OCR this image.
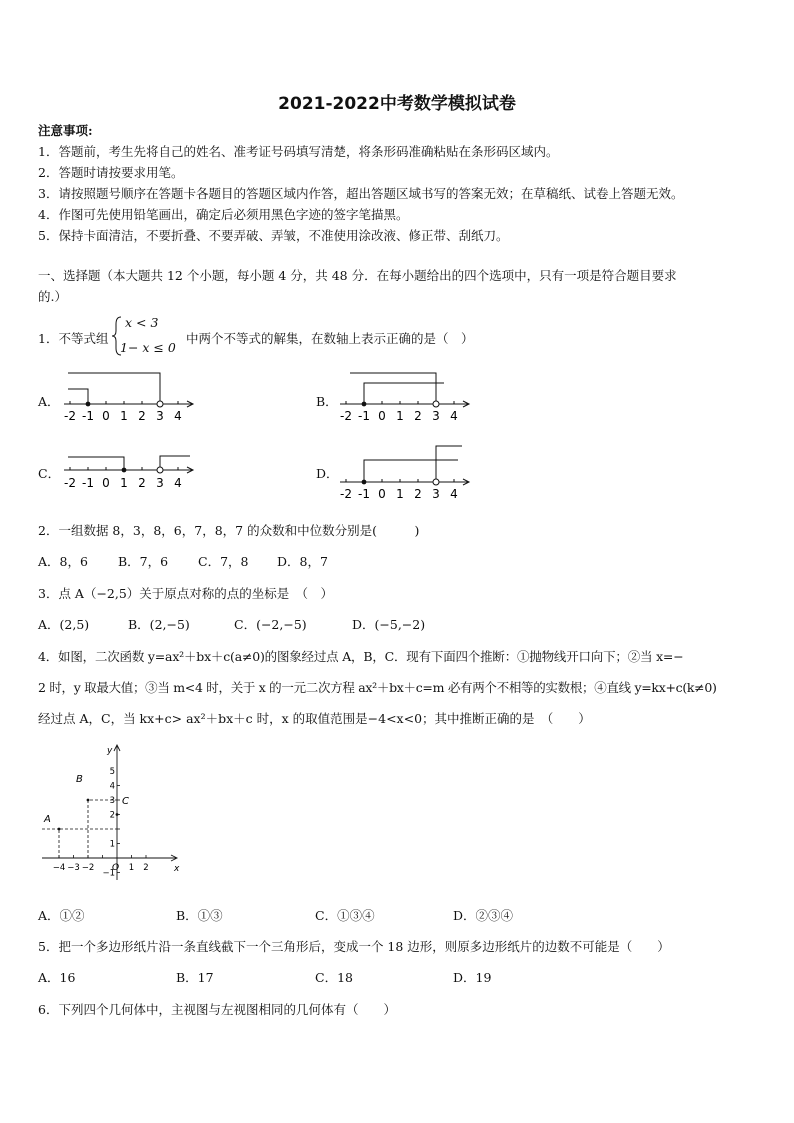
2021-2022中考数学模拟试卷
注意事项:
1．答题前，考生先将自己的姓名、准考证号码填写清楚，将条形码准确粘贴在条形码区域内。
2．答题时请按要求用笔。
3．请按照题号顺序在答题卡各题目的答题区域内作答，超出答题区域书写的答案无效；在草稿纸、试卷上答题无效。
4．作图可先使用铅笔画出，确定后必须用黑色字迹的签字笔描黑。
5．保持卡面清洁，不要折叠、不要弄破、弄皱，不准使用涂改液、修正带、刮纸刀。
一、选择题（本大题共 12 个小题，每小题 4 分，共 48 分．在每小题给出的四个选项中，只有一项是符合题目要求
的.）
1．不等式组
x < 3
1− x ≤ 0
中两个不等式的解集，在数轴上表示正确的是（　）
A．
-2 -1 0 1 2 3 4
B．
-2 -1 0 1 2 3 4
C．
-2 -1 0 1 2 3 4
D．
-2 -1 0 1 2 3 4
2．一组数据 8，3，8，6，7，8，7 的众数和中位数分别是(　　　)
A．8，6 B．7，6 C．7，8 D．8，7
3．点 A（−2,5）关于原点对称的点的坐标是　（　）
A．(2,5)	B．(2,−5)	C．(−2,−5)	D．(−5,−2)
4．如图，二次函数 y=ax²＋bx＋c(a≠0)的图象经过点 A，B，C．现有下面四个推断：①抛物线开口向下；②当 x=−
2 时，y 取最大值；③当 m<4 时，关于 x 的一元二次方程 ax²＋bx＋c=m 必有两个不相等的实数根；④直线 y=kx+c(k≠0)
经过点 A，C，当 kx+c> ax²＋bx＋c 时，x 的取值范围是−4<x<0；其中推断正确的是　（　　）
A
B
C
y
x
O
−4 −3 −2	1 2
5
4
3
2
1
−1
A．①②	B．①③	C．①③④	D．②③④
5．把一个多边形纸片沿一条直线截下一个三角形后，变成一个 18 边形，则原多边形纸片的边数不可能是（　　）
A．16	B．17	C．18	D．19
6．下列四个几何体中，主视图与左视图相同的几何体有（　　）
